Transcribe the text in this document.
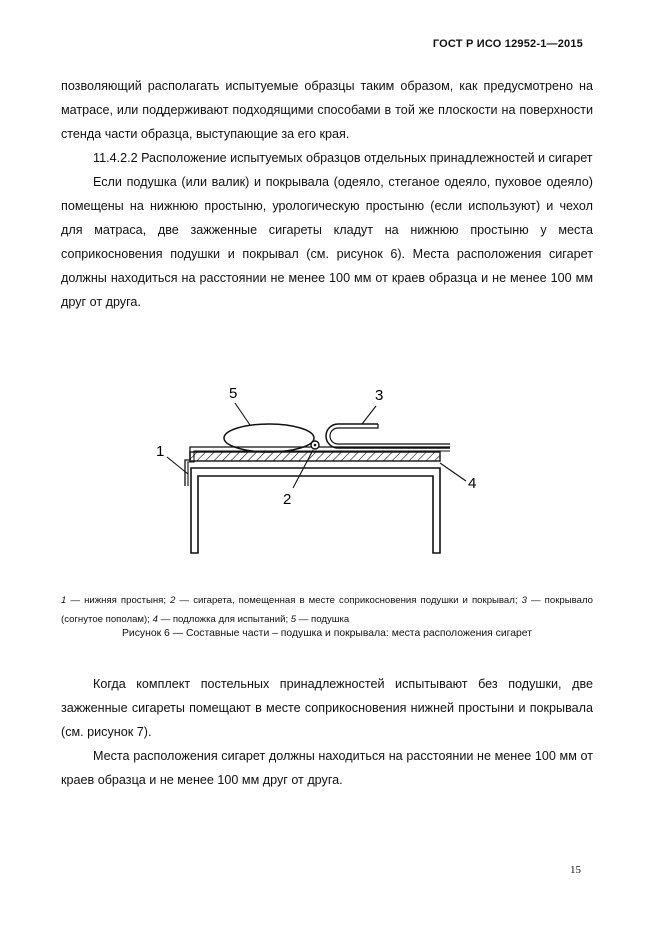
ГОСТ Р ИСО 12952-1—2015

позволяющий располагать испытуемые образцы таким образом, как предусмотрено на матрасе, или поддерживают подходящими способами в той же плоскости на поверхности стенда части образца, выступающие за его края.

11.4.2.2 Расположение испытуемых образцов отдельных принадлежностей и сигарет

Если подушка (или валик) и покрывала (одеяло, стеганое одеяло, пуховое одеяло) помещены на нижнюю простыню, урологическую простыню (если используют) и чехол для матраса, две зажженные сигареты кладут на нижнюю простыню у места соприкосновения подушки и покрывал (см. рисунок 6). Места расположения сигарет должны находиться на расстоянии не менее 100 мм от краев образца и не менее 100 мм друг от друга.

1
2
3
4
5

1 — нижняя простыня; 2 — сигарета, помещенная в месте соприкосновения подушки и покрывал; 3 — покрывало (согнутое пополам); 4 — подложка для испытаний; 5 — подушка

Рисунок 6 — Составные части – подушка и покрывала: места расположения сигарет

Когда комплект постельных принадлежностей испытывают без подушки, две зажженные сигареты помещают в месте соприкосновения нижней простыни и покрывала (см. рисунок 7).

Места расположения сигарет должны находиться на расстоянии не менее 100 мм от краев образца и не менее 100 мм друг от друга.

15
